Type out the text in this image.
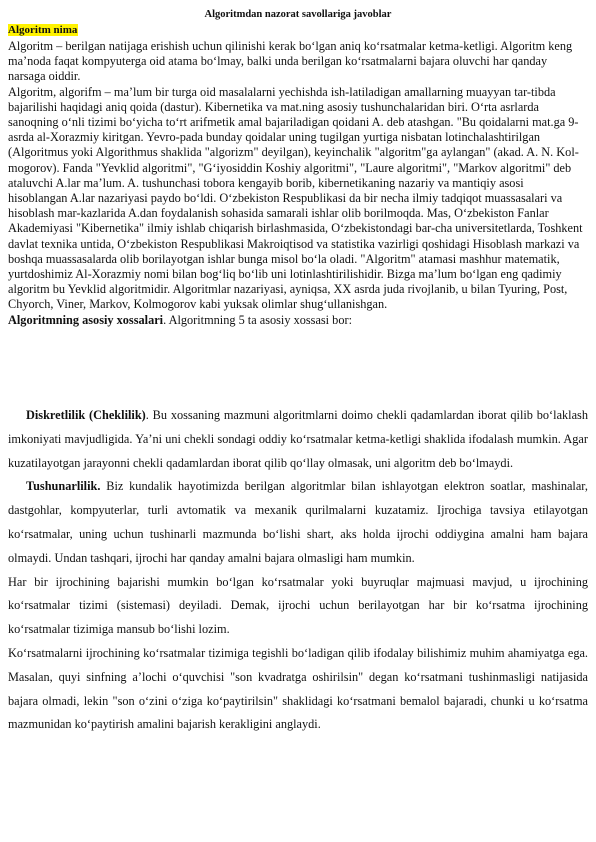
Algoritmdan nazorat savollariga javoblar
Algoritm nima

Algoritm – berilgan natijaga erishish uchun qilinishi kerak bo‘lgan aniq ko‘rsatmalar ketma-ketligi. Algoritm keng ma’noda faqat kompyuterga oid atama bo‘lmay, balki unda berilgan ko‘rsatmalarni bajara oluvchi har qanday narsaga oiddir.

Algoritm, algorifm – ma’lum bir turga oid masalalarni yechishda ish-latiladigan amallarning muayyan tar-tibda bajarilishi haqidagi aniq qoida (dastur). Kibernetika va mat.ning asosiy tushunchalaridan biri. O‘rta asrlarda sanoqning o‘nli tizimi bo‘yicha to‘rt arifmetik amal bajariladigan qoidani A. deb atashgan. "Bu qoidalarni mat.ga 9-asrda al-Xorazmiy kiritgan. Yevro-pada bunday qoidalar uning tugilgan yurtiga nisbatan lotinchalashtirilgan (Algoritmus yoki Algorithmus shaklida "algorizm" deyilgan), keyinchalik "algoritm"ga aylangan" (akad. A. N. Kol-mogorov). Fanda "Yevklid algoritmi", "G‘iyosiddin Koshiy algoritmi", "Laure algoritmi", "Markov algoritmi" deb ataluvchi A.lar ma’lum. A. tushunchasi tobora kengayib borib, kibernetikaning nazariy va mantiqiy asosi hisoblangan A.lar nazariyasi paydo bo‘ldi. O‘zbekiston Respublikasi da bir necha ilmiy tadqiqot muassasalari va hisoblash mar-kazlarida A.dan foydalanish sohasida samarali ishlar olib borilmoqda. Mas, O‘zbekiston Fanlar Akademiyasi "Kibernetika" ilmiy ishlab chiqarish birlashmasida, O‘zbekistondagi bar-cha universitetlarda, Toshkent davlat texnika untida, O‘zbekiston Respublikasi Makroiqtisod va statistika vazirligi qoshidagi Hisoblash markazi va boshqa muassasalarda olib borilayotgan ishlar bunga misol bo‘la oladi. "Algoritm" atamasi mashhur matematik, yurtdoshimiz Al-Xorazmiy nomi bilan bog‘liq bo‘lib uni lotinlashtirilishidir. Bizga ma’lum bo‘lgan eng qadimiy algoritm bu Yevklid algoritmidir. Algoritmlar nazariyasi, ayniqsa, XX asrda juda rivojlanib, u bilan Tyuring, Post, Chyorch, Viner, Markov, Kolmogorov kabi yuksak olimlar shug‘ullanishgan.

Algoritmning asosiy xossalari. Algoritmning 5 ta asosiy xossasi bor:

Diskretlilik (Cheklilik). Bu xossaning mazmuni algoritmlarni doimo chekli qadamlardan iborat qilib bo‘laklash imkoniyati mavjudligida. Ya’ni uni chekli sondagi oddiy ko‘rsatmalar ketma-ketligi shaklida ifodalash mumkin. Agar kuzatilayotgan jarayonni chekli qadamlardan iborat qilib qo‘llay olmasak, uni algoritm deb bo‘lmaydi.

Tushunarlilik. Biz kundalik hayotimizda berilgan algoritmlar bilan ishlayotgan elektron soatlar, mashinalar, dastgohlar, kompyuterlar, turli avtomatik va mexanik qurilmalarni kuzatamiz. Ijrochiga tavsiya etilayotgan ko‘rsatmalar, uning uchun tushinarli mazmunda bo‘lishi shart, aks holda ijrochi oddiygina amalni ham bajara olmaydi. Undan tashqari, ijrochi har qanday amalni bajara olmasligi ham mumkin.

Har bir ijrochining bajarishi mumkin bo‘lgan ko‘rsatmalar yoki buyruqlar majmuasi mavjud, u ijrochining ko‘rsatmalar tizimi (sistemasi) deyiladi. Demak, ijrochi uchun berilayotgan har bir ko‘rsatma ijrochining ko‘rsatmalar tizimiga mansub bo‘lishi lozim.

Ko‘rsatmalarni ijrochining ko‘rsatmalar tizimiga tegishli bo‘ladigan qilib ifodalay bilishimiz muhim ahamiyatga ega. Masalan, quyi sinfning a’lochi o‘quvchisi "son kvadratga oshirilsin" degan ko‘rsatmani tushinmasligi natijasida bajara olmadi, lekin "son o‘zini o‘ziga ko‘paytirilsin" shaklidagi ko‘rsatmani bemalol bajaradi, chunki u ko‘rsatma mazmunidan ko‘paytirish amalini bajarish kerakligini anglaydi.
